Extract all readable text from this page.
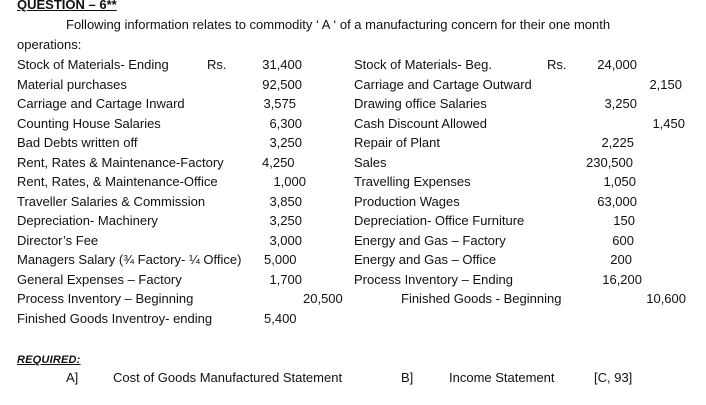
QUESTION – 6**
Following information relates to commodity ‘ A ‘ of a manufacturing concern for their one month
operations:
Stock of Materials- Ending	Rs.	31,400
Material purchases	92,500
Carriage and Cartage Inward	3,575
Counting House Salaries	6,300
Bad Debts written off	3,250
Rent, Rates & Maintenance-Factory	4,250
Rent, Rates, & Maintenance-Office	1,000
Traveller Salaries & Commission	3,850
Depreciation- Machinery	3,250
Director’s Fee	3,000
Managers Salary (¾ Factory- ¼ Office) 5,000
General Expenses – Factory	1,700
Process Inventory – Beginning	20,500
Finished Goods Inventroy- ending	5,400
Stock of Materials- Beg.	Rs.	24,000
Carriage and Cartage Outward	2,150
Drawing office Salaries	3,250
Cash Discount Allowed	1,450
Repair of Plant	2,225
Sales	230,500
Travelling Expenses	1,050
Production Wages	63,000
Depreciation- Office Furniture	150
Energy and Gas – Factory	600
Energy and Gas – Office	200
Process Inventory – Ending	16,200
Finished Goods - Beginning	10,600
REQUIRED:
A]	Cost of Goods Manufactured Statement	B]	Income Statement	[C, 93]
